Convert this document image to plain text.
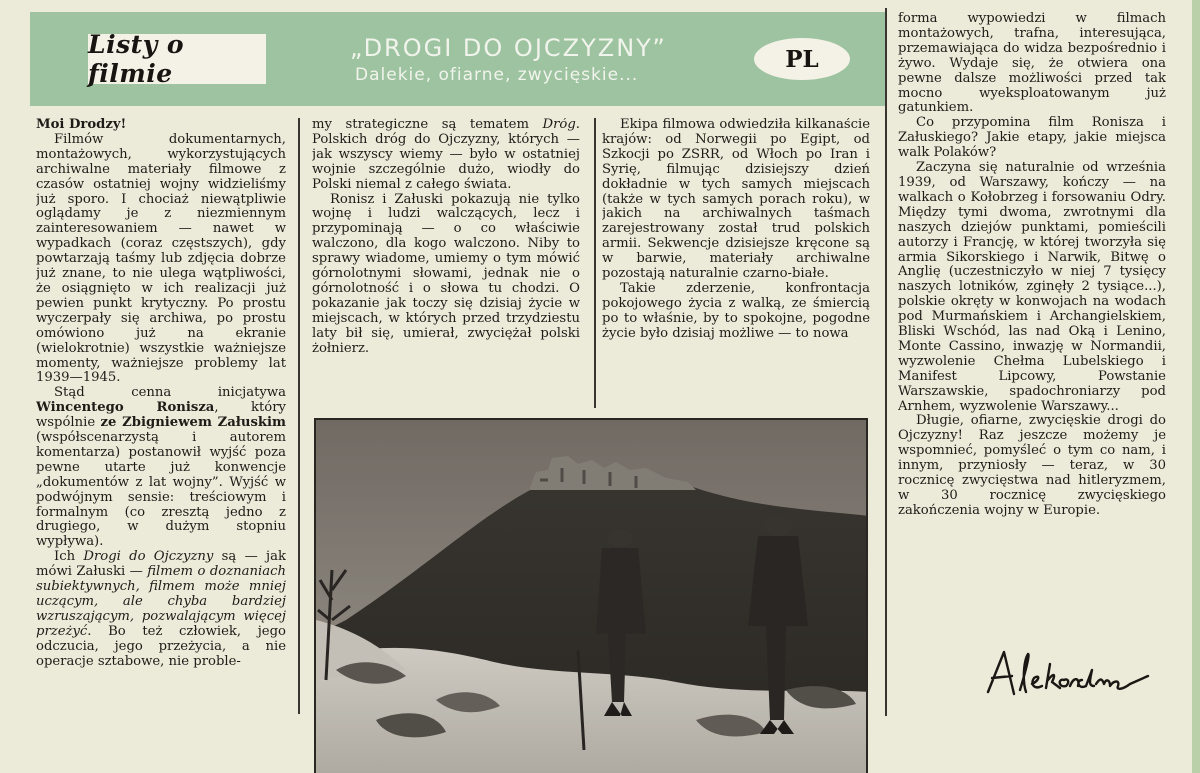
Listy o filmie
„DROGI DO OJCZYZNY”
Dalekie, ofiarne, zwycięskie...
PL

Moi Drodzy!

Filmów dokumentarnych, montażowych, wykorzystujących archiwalne materiały filmowe z czasów ostatniej wojny widzieliśmy już sporo. I chociaż niewątpliwie oglądamy je z niezmiennym zainteresowaniem — nawet w wypadkach (coraz częstszych), gdy powtarzają taśmy lub zdjęcia dobrze już znane, to nie ulega wątpliwości, że osiągnięto w ich realizacji już pewien punkt krytyczny. Po prostu wyczerpały się archiwa, po prostu omówiono już na ekranie (wielokrotnie) wszystkie ważniejsze momenty, ważniejsze problemy lat 1939—1945.

Stąd cenna inicjatywa Wincentego Ronisza, który wspólnie ze Zbigniewem Załuskim (współscenarzystą i autorem komentarza) postanowił wyjść poza pewne utarte już konwencje „dokumentów z lat wojny”. Wyjść w podwójnym sensie: treściowym i formalnym (co zresztą jedno z drugiego, w dużym stopniu wypływa).

Ich Drogi do Ojczyzny są — jak mówi Załuski — filmem o doznaniach subiektywnych, filmem może mniej uczącym, ale chyba bardziej wzruszającym, pozwalającym więcej przeżyć. Bo też człowiek, jego odczucia, jego przeżycia, a nie operacje sztabowe, nie proble-

my strategiczne są tematem Dróg. Polskich dróg do Ojczyzny, których — jak wszyscy wiemy — było w ostatniej wojnie szczególnie dużo, wiodły do Polski niemal z całego świata.

Ronisz i Załuski pokazują nie tylko wojnę i ludzi walczących, lecz i przypominają — o co właściwie walczono, dla kogo walczono. Niby to sprawy wiadome, umiemy o tym mówić górnolotnymi słowami, jednak nie o górnolotność i o słowa tu chodzi. O pokazanie jak toczy się dzisiaj życie w miejscach, w których przed trzydziestu laty bił się, umierał, zwyciężał polski żołnierz.

Ekipa filmowa odwiedziła kilkanaście krajów: od Norwegii po Egipt, od Szkocji po ZSRR, od Włoch po Iran i Syrię, filmując dzisiejszy dzień dokładnie w tych samych miejscach (także w tych samych porach roku), w jakich na archiwalnych taśmach zarejestrowany został trud polskich armii. Sekwencje dzisiejsze kręcone są w barwie, materiały archiwalne pozostają naturalnie czarno-białe.

Takie zderzenie, konfrontacja pokojowego życia z walką, ze śmiercią po to właśnie, by to spokojne, pogodne życie było dzisiaj możliwe — to nowa

forma wypowiedzi w filmach montażowych, trafna, interesująca, przemawiająca do widza bezpośrednio i żywo. Wydaje się, że otwiera ona pewne dalsze możliwości przed tak mocno wyeksploatowanym już gatunkiem.

Co przypomina film Ronisza i Załuskiego? Jakie etapy, jakie miejsca walk Polaków?

Zaczyna się naturalnie od września 1939, od Warszawy, kończy — na walkach o Kołobrzeg i forsowaniu Odry. Między tymi dwoma, zwrotnymi dla naszych dziejów punktami, pomieścili autorzy i Francję, w której tworzyła się armia Sikorskiego i Narwik, Bitwę o Anglię (uczestniczyło w niej 7 tysięcy naszych lotników, zginęły 2 tysiące...), polskie okręty w konwojach na wodach pod Murmańskiem i Archangielskiem, Bliski Wschód, las nad Oką i Lenino, Monte Cassino, inwazję w Normandii, wyzwolenie Chełma Lubelskiego i Manifest Lipcowy, Powstanie Warszawskie, spadochroniarzy pod Arnhem, wyzwolenie Warszawy...

Długie, ofiarne, zwycięskie drogi do Ojczyzny! Raz jeszcze możemy je wspomnieć, pomyśleć o tym co nam, i innym, przyniosły — teraz, w 30 rocznicę zwycięstwa nad hitleryzmem, w 30 rocznicę zwycięskiego zakończenia wojny w Europie.
